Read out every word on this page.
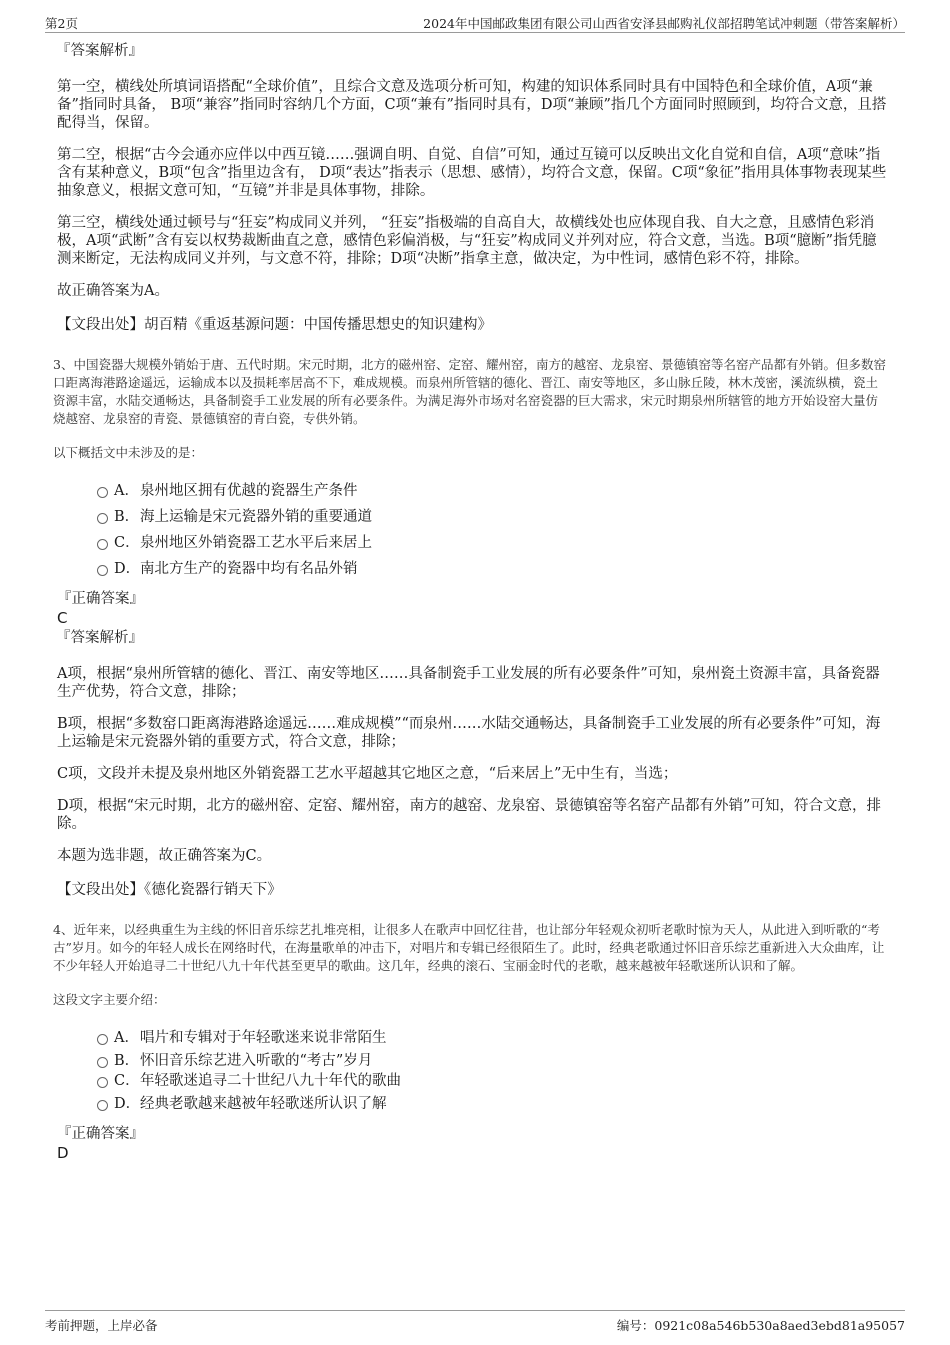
第2页	2024年中国邮政集团有限公司山西省安泽县邮购礼仪部招聘笔试冲刺题（带答案解析）

『答案解析』

第一空，横线处所填词语搭配“全球价值”，且综合文意及选项分析可知，构建的知识体系同时具有中国特色和全球价值，A项“兼备”指同时具备， B项“兼容”指同时容纳几个方面，C项“兼有”指同时具有，D项“兼顾”指几个方面同时照顾到，均符合文意，且搭配得当，保留。

第二空，根据“古今会通亦应伴以中西互镜……强调自明、自觉、自信”可知，通过互镜可以反映出文化自觉和自信，A项“意味”指含有某种意义，B项“包含”指里边含有， D项“表达”指表示（思想、感情），均符合文意，保留。C项“象征”指用具体事物表现某些抽象意义，根据文意可知，“互镜”并非是具体事物，排除。

第三空，横线处通过顿号与“狂妄”构成同义并列， “狂妄”指极端的自高自大，故横线处也应体现自我、自大之意，且感情色彩消极，A项“武断”含有妄以权势裁断曲直之意，感情色彩偏消极，与“狂妄”构成同义并列对应，符合文意，当选。B项“臆断”指凭臆测来断定，无法构成同义并列，与文意不符，排除；D项“决断”指拿主意，做决定，为中性词，感情色彩不符，排除。

故正确答案为A。

【文段出处】胡百精《重返基源问题：中国传播思想史的知识建构》

3、中国瓷器大规模外销始于唐、五代时期。宋元时期，北方的磁州窑、定窑、耀州窑，南方的越窑、龙泉窑、景德镇窑等名窑产品都有外销。但多数窑口距离海港路途遥远，运输成本以及损耗率居高不下，难成规模。而泉州所管辖的德化、晋江、南安等地区，多山脉丘陵，林木茂密，溪流纵横，瓷土资源丰富，水陆交通畅达，具备制瓷手工业发展的所有必要条件。为满足海外市场对名窑瓷器的巨大需求，宋元时期泉州所辖管的地方开始设窑大量仿烧越窑、龙泉窑的青瓷、景德镇窑的青白瓷，专供外销。

以下概括文中未涉及的是：

A．泉州地区拥有优越的瓷器生产条件
B．海上运输是宋元瓷器外销的重要通道
C．泉州地区外销瓷器工艺水平后来居上
D．南北方生产的瓷器中均有名品外销

『正确答案』

C

『答案解析』

A项，根据“泉州所管辖的德化、晋江、南安等地区……具备制瓷手工业发展的所有必要条件”可知，泉州瓷土资源丰富，具备瓷器生产优势，符合文意，排除；

B项，根据“多数窑口距离海港路途遥远……难成规模”“而泉州……水陆交通畅达，具备制瓷手工业发展的所有必要条件”可知，海上运输是宋元瓷器外销的重要方式，符合文意，排除；

C项，文段并未提及泉州地区外销瓷器工艺水平超越其它地区之意，“后来居上”无中生有，当选；

D项，根据“宋元时期，北方的磁州窑、定窑、耀州窑，南方的越窑、龙泉窑、景德镇窑等名窑产品都有外销”可知，符合文意，排除。

本题为选非题，故正确答案为C。

【文段出处】《德化瓷器行销天下》

4、近年来，以经典重生为主线的怀旧音乐综艺扎堆亮相，让很多人在歌声中回忆往昔，也让部分年轻观众初听老歌时惊为天人，从此进入到听歌的“考古”岁月。如今的年轻人成长在网络时代，在海量歌单的冲击下，对唱片和专辑已经很陌生了。此时，经典老歌通过怀旧音乐综艺重新进入大众曲库，让不少年轻人开始追寻二十世纪八九十年代甚至更早的歌曲。这几年，经典的滚石、宝丽金时代的老歌，越来越被年轻歌迷所认识和了解。

这段文字主要介绍：

A．唱片和专辑对于年轻歌迷来说非常陌生
B．怀旧音乐综艺进入听歌的“考古”岁月
C．年轻歌迷追寻二十世纪八九十年代的歌曲
D．经典老歌越来越被年轻歌迷所认识了解

『正确答案』

D

考前押题，上岸必备	编号：0921c08a546b530a8aed3ebd81a95057
